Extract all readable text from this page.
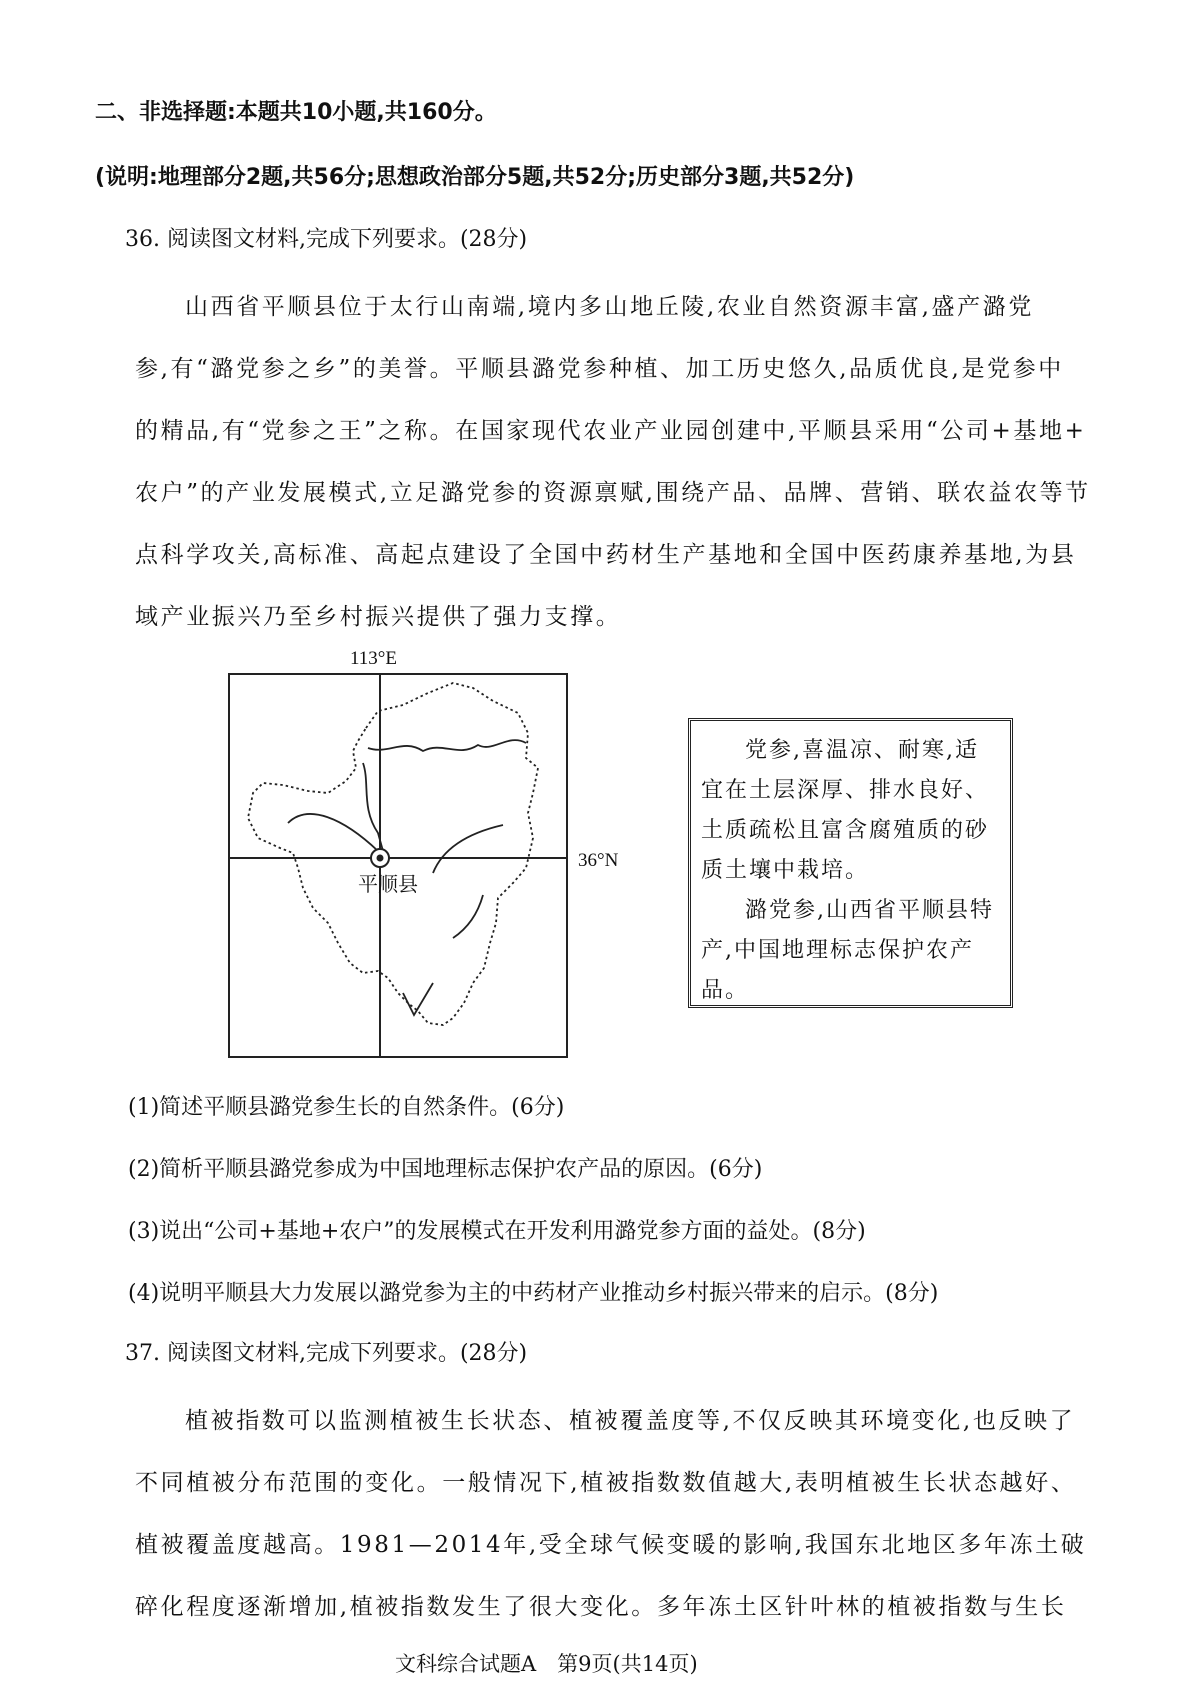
二、非选择题:本题共10小题,共160分。
(说明:地理部分2题,共56分;思想政治部分5题,共52分;历史部分3题,共52分)
36. 阅读图文材料,完成下列要求。(28分)
山西省平顺县位于太行山南端,境内多山地丘陵,农业自然资源丰富,盛产潞党
参,有“潞党参之乡”的美誉。平顺县潞党参种植、加工历史悠久,品质优良,是党参中
的精品,有“党参之王”之称。在国家现代农业产业园创建中,平顺县采用“公司+基地+
农户”的产业发展模式,立足潞党参的资源禀赋,围绕产品、品牌、营销、联农益农等节
点科学攻关,高标准、高起点建设了全国中药材生产基地和全国中医药康养基地,为县
域产业振兴乃至乡村振兴提供了强力支撑。
113°E
36°N
平顺县

党参,喜温凉、耐寒,适宜在土层深厚、排水良好、土质疏松且富含腐殖质的砂质土壤中栽培。

潞党参,山西省平顺县特产,中国地理标志保护农产品。

(1)简述平顺县潞党参生长的自然条件。(6分)
(2)简析平顺县潞党参成为中国地理标志保护农产品的原因。(6分)
(3)说出“公司+基地+农户”的发展模式在开发利用潞党参方面的益处。(8分)
(4)说明平顺县大力发展以潞党参为主的中药材产业推动乡村振兴带来的启示。(8分)
37. 阅读图文材料,完成下列要求。(28分)
植被指数可以监测植被生长状态、植被覆盖度等,不仅反映其环境变化,也反映了
不同植被分布范围的变化。一般情况下,植被指数数值越大,表明植被生长状态越好、
植被覆盖度越高。1981—2014年,受全球气候变暖的影响,我国东北地区多年冻土破
碎化程度逐渐增加,植被指数发生了很大变化。多年冻土区针叶林的植被指数与生长
文科综合试题A　第9页(共14页)
